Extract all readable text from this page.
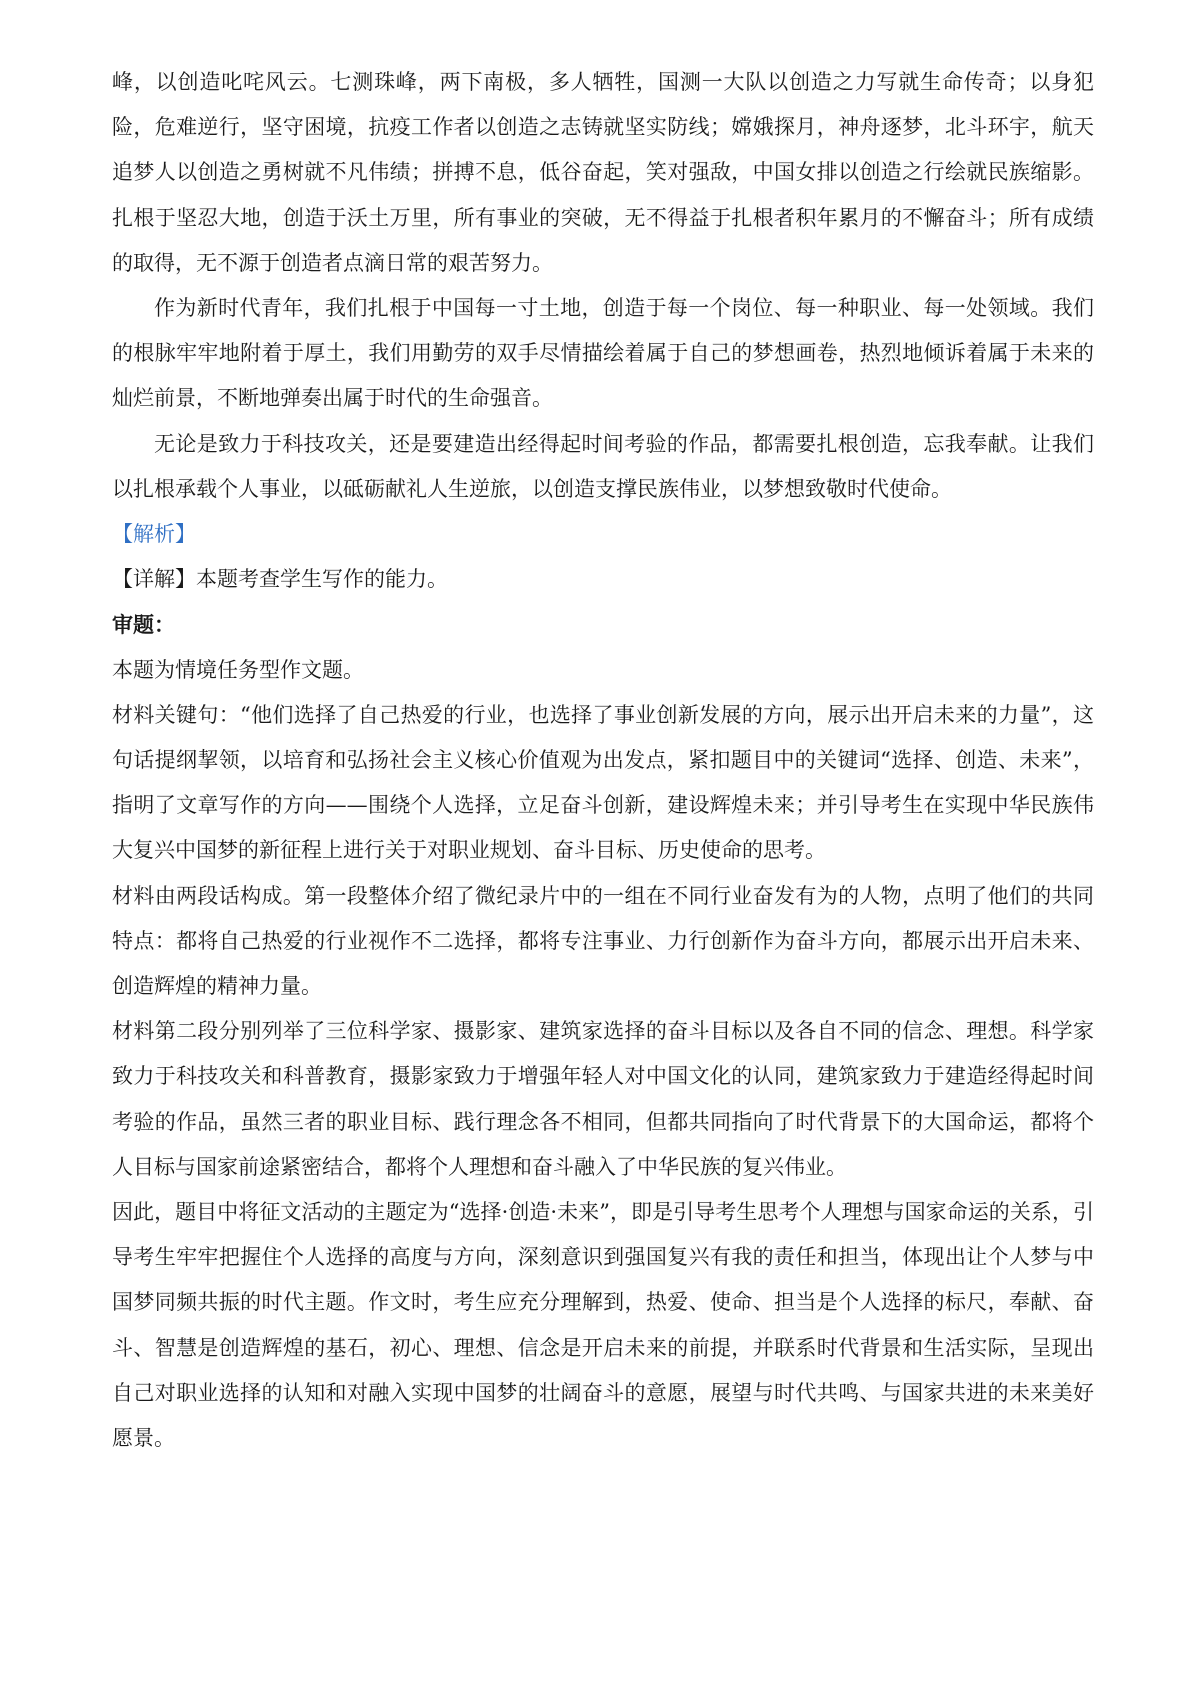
峰，以创造叱咤风云。七测珠峰，两下南极，多人牺牲，国测一大队以创造之力写就生命传奇；以身犯险，危难逆行，坚守困境，抗疫工作者以创造之志铸就坚实防线；嫦娥探月，神舟逐梦，北斗环宇，航天追梦人以创造之勇树就不凡伟绩；拼搏不息，低谷奋起，笑对强敌，中国女排以创造之行绘就民族缩影。扎根于坚忍大地，创造于沃土万里，所有事业的突破，无不得益于扎根者积年累月的不懈奋斗；所有成绩的取得，无不源于创造者点滴日常的艰苦努力。

作为新时代青年，我们扎根于中国每一寸土地，创造于每一个岗位、每一种职业、每一处领域。我们的根脉牢牢地附着于厚土，我们用勤劳的双手尽情描绘着属于自己的梦想画卷，热烈地倾诉着属于未来的灿烂前景，不断地弹奏出属于时代的生命强音。

无论是致力于科技攻关，还是要建造出经得起时间考验的作品，都需要扎根创造，忘我奉献。让我们以扎根承载个人事业，以砥砺献礼人生逆旅，以创造支撑民族伟业，以梦想致敬时代使命。

【解析】

【详解】本题考查学生写作的能力。

审题：

本题为情境任务型作文题。

材料关键句：“他们选择了自己热爱的行业，也选择了事业创新发展的方向，展示出开启未来的力量”，这句话提纲挈领，以培育和弘扬社会主义核心价值观为出发点，紧扣题目中的关键词“选择、创造、未来”，指明了文章写作的方向——围绕个人选择，立足奋斗创新，建设辉煌未来；并引导考生在实现中华民族伟大复兴中国梦的新征程上进行关于对职业规划、奋斗目标、历史使命的思考。

材料由两段话构成。第一段整体介绍了微纪录片中的一组在不同行业奋发有为的人物，点明了他们的共同特点：都将自己热爱的行业视作不二选择，都将专注事业、力行创新作为奋斗方向，都展示出开启未来、创造辉煌的精神力量。

材料第二段分别列举了三位科学家、摄影家、建筑家选择的奋斗目标以及各自不同的信念、理想。科学家致力于科技攻关和科普教育，摄影家致力于增强年轻人对中国文化的认同，建筑家致力于建造经得起时间考验的作品，虽然三者的职业目标、践行理念各不相同，但都共同指向了时代背景下的大国命运，都将个人目标与国家前途紧密结合，都将个人理想和奋斗融入了中华民族的复兴伟业。

因此，题目中将征文活动的主题定为“选择·创造·未来”，即是引导考生思考个人理想与国家命运的关系，引导考生牢牢把握住个人选择的高度与方向，深刻意识到强国复兴有我的责任和担当，体现出让个人梦与中国梦同频共振的时代主题。作文时，考生应充分理解到，热爱、使命、担当是个人选择的标尺，奉献、奋斗、智慧是创造辉煌的基石，初心、理想、信念是开启未来的前提，并联系时代背景和生活实际，呈现出自己对职业选择的认知和对融入实现中国梦的壮阔奋斗的意愿，展望与时代共鸣、与国家共进的未来美好愿景。
